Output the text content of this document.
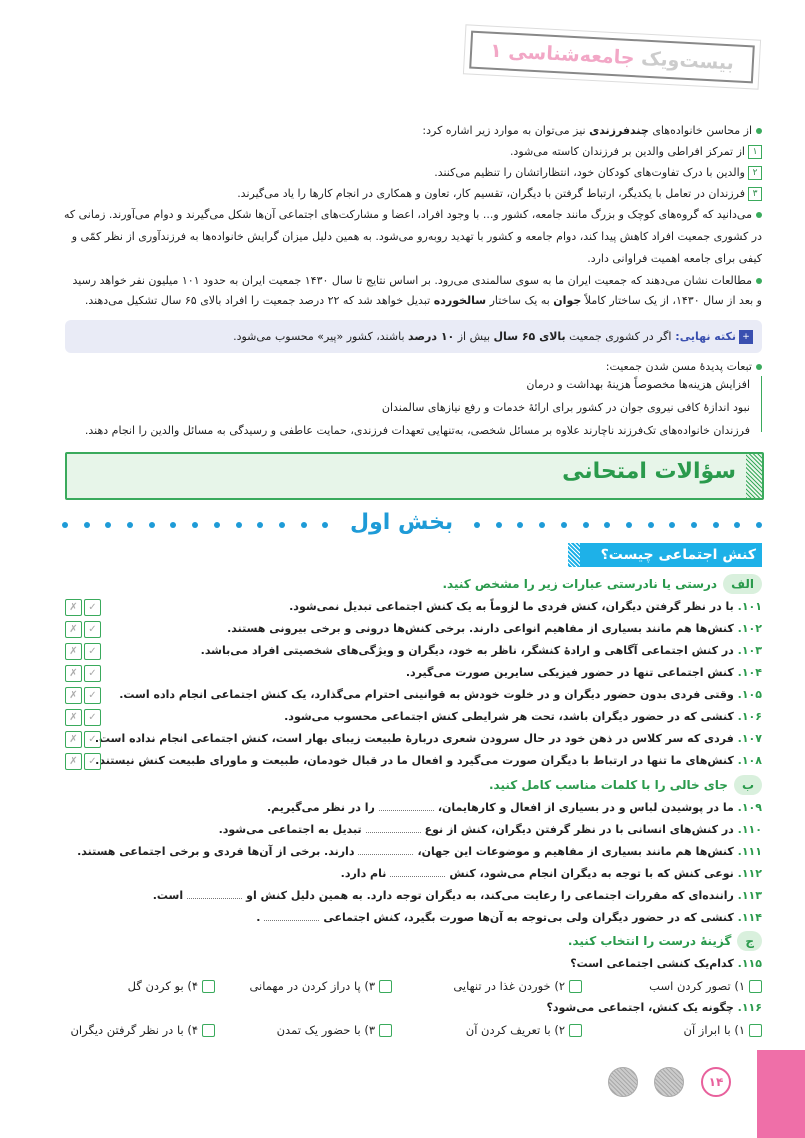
بیست‌ویک جامعه‌شناسی ۱
از محاسن خانواده‌های چندفرزندی نیز می‌توان به موارد زیر اشاره کرد:
۱از تمرکز افراطی والدین بر فرزندان کاسته می‌شود.
۲والدین با درک تفاوت‌های کودکان خود، انتظاراتشان را تنظیم می‌کنند.
۳فرزندان در تعامل با یکدیگر، ارتباط گرفتن با دیگران، تقسیم کار، تعاون و همکاری در انجام کارها را یاد می‌گیرند.
می‌دانید که گروه‌های کوچک و بزرگ مانند جامعه، کشور و... با وجود افراد، اعضا و مشارکت‌های اجتماعی آن‌ها شکل می‌گیرند و دوام می‌آورند. زمانی که
در کشوری جمعیت افراد کاهش پیدا کند، دوام جامعه و کشور با تهدید روبه‌رو می‌شود. به همین دلیل میزان گرایش خانواده‌ها به فرزندآوری از نظر کمّی و
کیفی برای جامعه اهمیت فراوانی دارد.
مطالعات نشان می‌دهند که جمعیت ایران ما به سوی سالمندی می‌رود. بر اساس نتایج تا سال ۱۴۳۰ جمعیت ایران به حدود ۱۰۱ میلیون نفر خواهد رسید
و بعد از سال ۱۴۳۰، از یک ساختار کاملاً جوان به یک ساختار سالخورده تبدیل خواهد شد که ۲۲ درصد جمعیت را افراد بالای ۶۵ سال تشکیل می‌دهند.
+نکته نهایی: اگر در کشوری جمعیت بالای ۶۵ سال بیش از ۱۰ درصد باشند، کشور «پیر» محسوب می‌شود.
تبعات پدیدهٔ مسن شدن جمعیت:
افزایش هزینه‌ها مخصوصاً هزینهٔ بهداشت و درمان
نبود اندازهٔ کافی نیروی جوان در کشور برای ارائهٔ خدمات و رفع نیازهای سالمندان
فرزندان خانواده‌های تک‌فرزند ناچارند علاوه بر مسائل شخصی، به‌تنهایی تعهدات فرزندی، حمایت عاطفی و رسیدگی به مسائل والدین را انجام دهند.
سؤالات امتحانی
بخش اول
کنش اجتماعی چیست؟
الفدرستی یا نادرستی عبارات زیر را مشخص کنید.
۱۰۱. با در نظر گرفتن دیگران، کنش فردی ما لزوماً به یک کنش اجتماعی تبدیل نمی‌شود.
✗	✓
۱۰۲. کنش‌ها هم مانند بسیاری از مفاهیم انواعی دارند. برخی کنش‌ها درونی و برخی بیرونی هستند.
✗	✓
۱۰۳. در کنش اجتماعی آگاهی و ارادهٔ کنشگر، ناظر به خود، دیگران و ویژگی‌های شخصیتی افراد می‌باشد.
✗	✓
۱۰۴. کنش اجتماعی تنها در حضور فیزیکی سایرین صورت می‌گیرد.
✗	✓
۱۰۵. وقتی فردی بدون حضور دیگران و در خلوت خودش به قوانینی احترام می‌گذارد، یک کنش اجتماعی انجام داده است.
✗	✓
۱۰۶. کنشی که در حضور دیگران باشد، تحت هر شرایطی کنش اجتماعی محسوب می‌شود.
✗	✓
۱۰۷. فردی که سر کلاس در ذهن خود در حال سرودن شعری دربارهٔ طبیعت زیبای بهار است، کنش اجتماعی انجام نداده است.
✗	✓
۱۰۸. کنش‌های ما تنها در ارتباط با دیگران صورت می‌گیرد و افعال ما در قبال خودمان، طبیعت و ماورای طبیعت کنش نیستند.
✗	✓
بجای خالی را با کلمات مناسب کامل کنید.
۱۰۹. ما در پوشیدن لباس و در بسیاری از افعال و کارهایمان،را در نظر می‌گیریم.
۱۱۰. در کنش‌های انسانی با در نظر گرفتن دیگران، کنش از نوعتبدیل به اجتماعی می‌شود.
۱۱۱. کنش‌ها هم مانند بسیاری از مفاهیم و موضوعات این جهان،دارند. برخی از آن‌ها فردی و برخی اجتماعی هستند.
۱۱۲. نوعی کنش که با توجه به دیگران انجام می‌شود، کنشنام دارد.
۱۱۳. راننده‌ای که مقررات اجتماعی را رعایت می‌کند، به دیگران توجه دارد. به همین دلیل کنش اواست.
۱۱۴. کنشی که در حضور دیگران ولی بی‌توجه به آن‌ها صورت بگیرد، کنش اجتماعی.
جگزینهٔ درست را انتخاب کنید.
۱۱۵. کدام‌یک کنشی اجتماعی است؟
۱) تصور کردن اسب
۲) خوردن غذا در تنهایی
۳) پا دراز کردن در مهمانی
۴) بو کردن گل
۱۱۶. چگونه یک کنش، اجتماعی می‌شود؟
۱) با ابراز آن
۲) با تعریف کردن آن
۳) با حضور یک تمدن
۴) با در نظر گرفتن دیگران
۱۴
